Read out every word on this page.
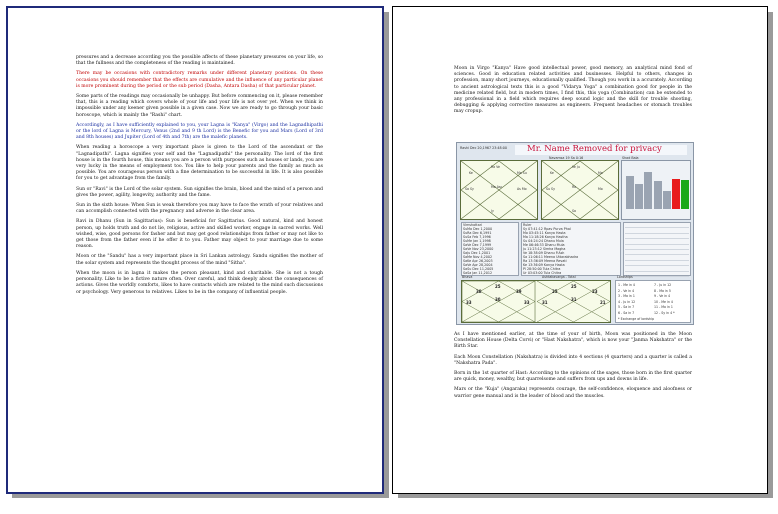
pressures and a decrease according you the possible affects of these planetary pressures on your life, so that the fullness and the completeness of the reading is maintained.

There may be occasions with contradictory remarks under different planetary positions. On these occasions you should remember that the effects are cumulative and the influence of any particular planet is more prominent during the period or the sub period (Dasha, Antara Dasha) of that particular planet.

Some parts of the readings may occasionally be unhappy. But before commencing on it, please remember that, this is a reading which covers whole of your life and your life is not over yet. When we think in impossible under any keener given possible in a given case. Now we are ready to go through your basic horoscope, which is mainly the "Rashi" chart.

Accordingly, as I have sufficiently explained to you, your Lagna is "Kanya" (Virgo) and the Lagnadhipathi or the lord of Lagna is Mercury, Venus (2nd and 9 th Lord) is the Benefic for you and Mars (Lord of 3rd and 8th houses) and Jupiter (Lord of 4th and 7th) are the malefic planets.

When reading a horoscope a very important place is given to the Lord of the ascendant or the "Lagnadipathi". Lagna signifies your self and the "Lagnadipathi" the personality. The lord of the first house is in the fourth house, this means you are a person with purposes such as houses or lands, you are very lucky in the means of employment too. You like to help your parents and the family as much as possible. You are courageous person with a fine determination to be successful in life. It is also possible for you to get advantage from the family.

Sun or "Ravi" is the Lord of the solar system. Sun signifies the brain, blood and the mind of a person and gives the power, agility, longevity, authority and the fame.

Sun in the sixth house: When Sun is weak therefore you may have to face the wrath of your relatives and can accomplish connected with the pregnancy and adverse in the clear area.

Ravi in Dhanu (Sun in Sagittarius): Sun is beneficial for Sagittarius. Good natural, kind and honest person, up holds truth and do not lie, religious, active and skilled worker, engage in sacred works. Well wished, wise, good persons for fasher and but may get good relationships from father or may not like to get those from the father even if he offer it to you. Father may object to your marriage due to some reason.

Moon or the "Sandu" has a very important place in Sri Lankan astrology. Sandu signifies the mother of the solar system and represents the thought process of the mind "Sitha".

When the moon is in lagna it makes the person pleasant, kind and charitable. She is not a tough personality. Like to be a fictive nature often. Over careful, and think deeply about the consequences of actions. Gives the worldly comforts, likes to have contacts which are related to the mind such discussions or psychology. Very generous to relatives. Likes to be in the company of influential people.

Moon in Virgo "Kanya" Have good intellectual power, good memory, an analytical mind fond of sciences. Good in education related activities and businesses. Helpful to others, changes in profession, many short journeys, educationally qualified. Though you work in a accurately. According to ancient astrological texts this is a good "Vidarya Yoga" a combination good for people in the medicine related field, but in modern times, I find this, this yoga (Combination) can be extended to any professional in a field which requires deep sound logic and the skill for trouble shooting, debugging & applying corrective measures as engineers. Frequent headaches or stomach troubles may cropup.

Mr. Name Removed for privacy
Rashi Dec 20,1967 23:48:00
Navamsa 19 Sa 0:16	Shad Bala
Ra Ve
Ke	Ma Su
Sa Sy	Mo Asc	As Mo
Jy
Ve Ju
Ke	Ma
Su Sy	Ra	Mo
Sa
Vimshottari
SuMa Dec 1,2000
SuRa Dec 6,1991
SuSa Feb 7,1996
SuMe Jan 1,1998
SaVe Dec 7,1999
SaVe Nov 23,2000
SaJu Dec 1,2001
SaMe Nov 4,2002
SaKe Apr 26,2003
SaVe Apr 28,2004
SaSu Dec 11,2005
SaSa Jan 11,2012
Ruler
Sy 07:41:12 Rpav Purva Phal
Mo 03:45:11 Kanya Hasta
Ma 11:18:26 Kanya Hastha
Su 04:24:24 Dhanu Mula
Me 06:46:33 Dhanu Mula
Ju 11:23:12 Simha Magha
Ve 18:38:09 Dhanu P.Ash
Sa 11:06:11 Meena Uttarabhadra
Ra 13:36:09 Meena Revati
Ke 13:36:09 Kanya Hasta
Pl 28:50:00 Tula Chitra
Ur 03:03:00 Tula Chitra
Bhava	Ashtakavarga - Total	Lordships
25
38	39
33
30
33
25
25	23
31
31
21
1 - Me in 4	7 - Ju in 12
2 - Ve in 4	8 - Ma in 5
3 - Ma in 1	9 - Ve in 4
4 - Ju in 12	10 - Me in 4
5 - Sa in 7	11 - Mo in 1
6 - Sa in 7	12 - Sy in 4 *
* Exchange of lordship

As I have mentioned earlier, at the time of your of birth, Moon was positioned in the Moon Constellation House (Delta Corvi) or "Hast Nakshatra", which is now your "Janma Nakshatra" or the Birth Star.

Each Moon Constellation (Nakshatra) is divided into 4 sections (4 quarters) and a quarter is called a "Nakshatra Pada".

Born in the 1st quarter of Hast: According to the opinions of the sages, those born in the first quarter are quick, money, wealthy, but quarrelsome and suffers from ups and downs in life.

Mars or the "Kuja" (Angaraka) represents courage, the self-confidence, eloquence and aloofness or warrior gene manual and is the leader of blood and the muscles.
